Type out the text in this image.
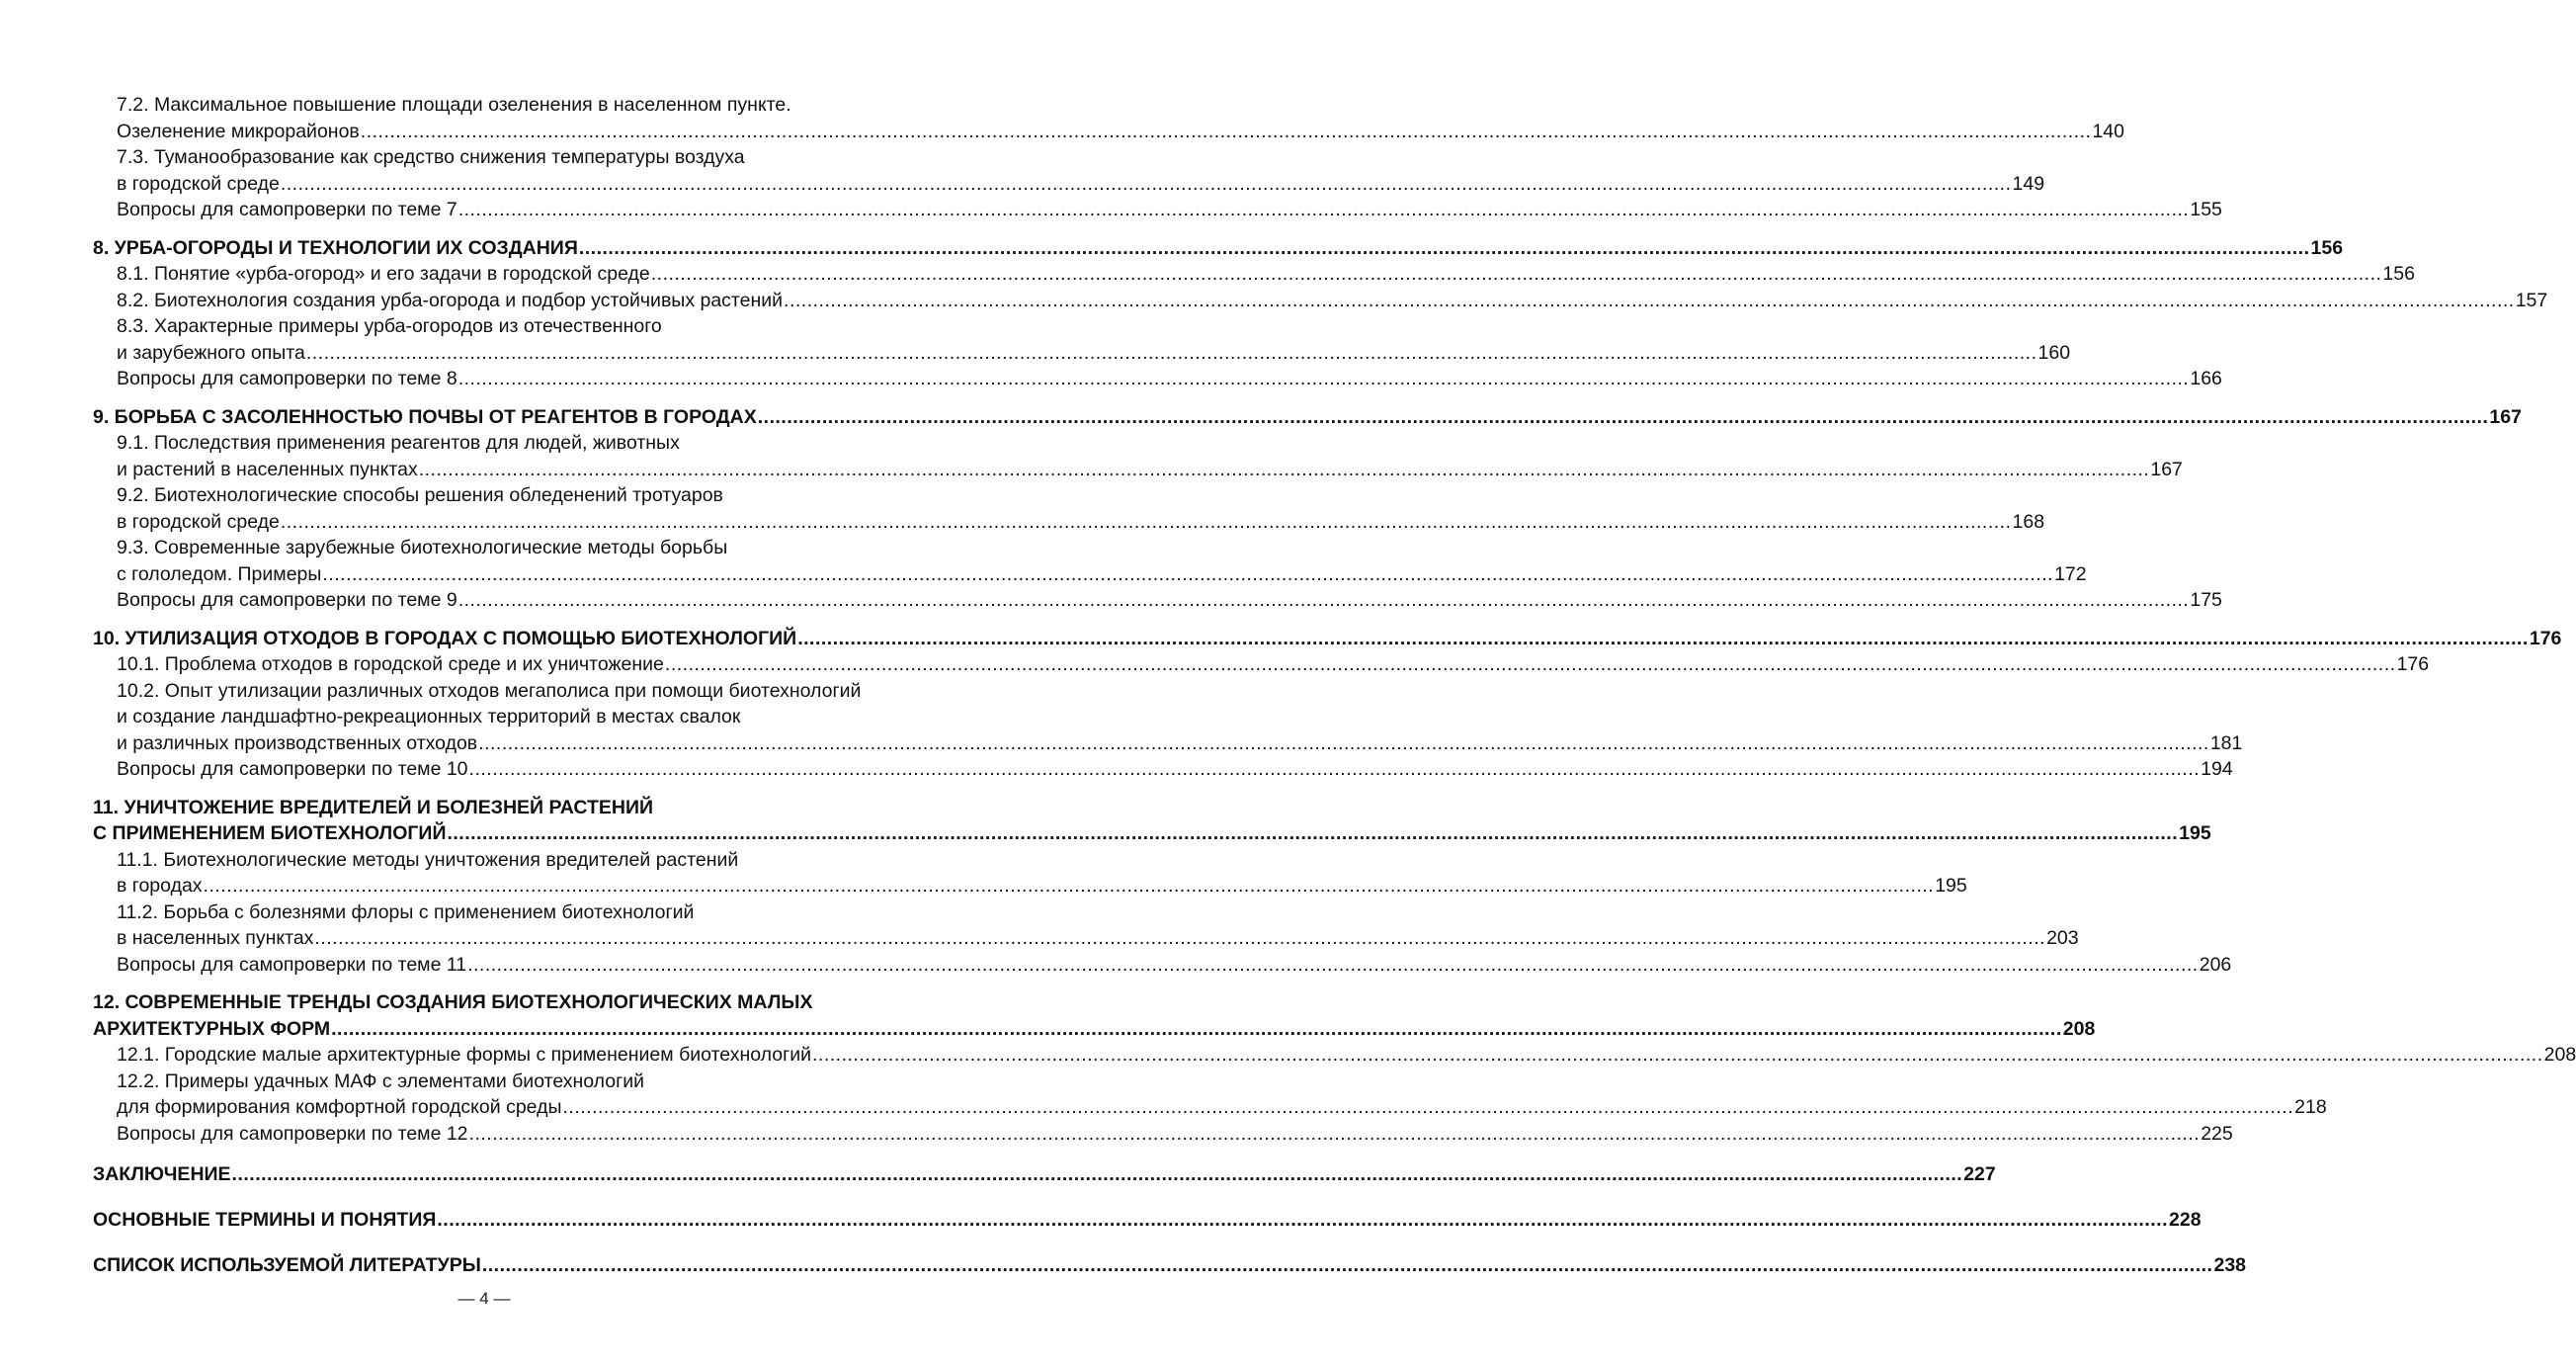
7.2. Максимальное повышение площади озеленения в населенном пункте.
Озеленение микрорайонов .....	140
7.3. Туманообразование как средство снижения температуры воздуха
в городской среде .....	149
Вопросы для самопроверки по теме 7 .....	155
8. УРБА-ОГОРОДЫ И ТЕХНОЛОГИИ ИХ СОЗДАНИЯ .....	156
8.1. Понятие «урба-огород» и его задачи в городской среде .....	156
8.2. Биотехнология создания урба-огорода и подбор устойчивых растений .....	157
8.3. Характерные примеры урба-огородов из отечественного
и зарубежного опыта .....	160
Вопросы для самопроверки по теме 8 .....	166
9. БОРЬБА С ЗАСОЛЕННОСТЬЮ ПОЧВЫ ОТ РЕАГЕНТОВ В ГОРОДАХ .....	167
9.1. Последствия применения реагентов для людей, животных
и растений в населенных пунктах .....	167
9.2. Биотехнологические способы решения обледенений тротуаров
в городской среде .....	168
9.3. Современные зарубежные биотехнологические методы борьбы
с гололедом. Примеры .....	172
Вопросы для самопроверки по теме 9 .....	175
10. УТИЛИЗАЦИЯ ОТХОДОВ В ГОРОДАХ С ПОМОЩЬЮ БИОТЕХНОЛОГИЙ .....	176
10.1. Проблема отходов в городской среде и их уничтожение .....	176
10.2. Опыт утилизации различных отходов мегаполиса при помощи биотехнологий
и создание ландшафтно-рекреационных территорий в местах свалок
и различных производственных отходов .....	181
Вопросы для самопроверки по теме 10 .....	194
11. УНИЧТОЖЕНИЕ ВРЕДИТЕЛЕЙ И БОЛЕЗНЕЙ РАСТЕНИЙ
С ПРИМЕНЕНИЕМ БИОТЕХНОЛОГИЙ .....	195
11.1. Биотехнологические методы уничтожения вредителей растений
в городах .....	195
11.2. Борьба с болезнями флоры с применением биотехнологий
в населенных пунктах .....	203
Вопросы для самопроверки по теме 11 .....	206
12. СОВРЕМЕННЫЕ ТРЕНДЫ СОЗДАНИЯ БИОТЕХНОЛОГИЧЕСКИХ МАЛЫХ
АРХИТЕКТУРНЫХ ФОРМ .....	208
12.1. Городские малые архитектурные формы с применением биотехнологий .....	208
12.2. Примеры удачных МАФ с элементами биотехнологий
для формирования комфортной городской среды .....	218
Вопросы для самопроверки по теме 12 .....	225
ЗАКЛЮЧЕНИЕ .....	227
ОСНОВНЫЕ ТЕРМИНЫ И ПОНЯТИЯ .....	228
СПИСОК ИСПОЛЬЗУЕМОЙ ЛИТЕРАТУРЫ .....	238
— 4 —
